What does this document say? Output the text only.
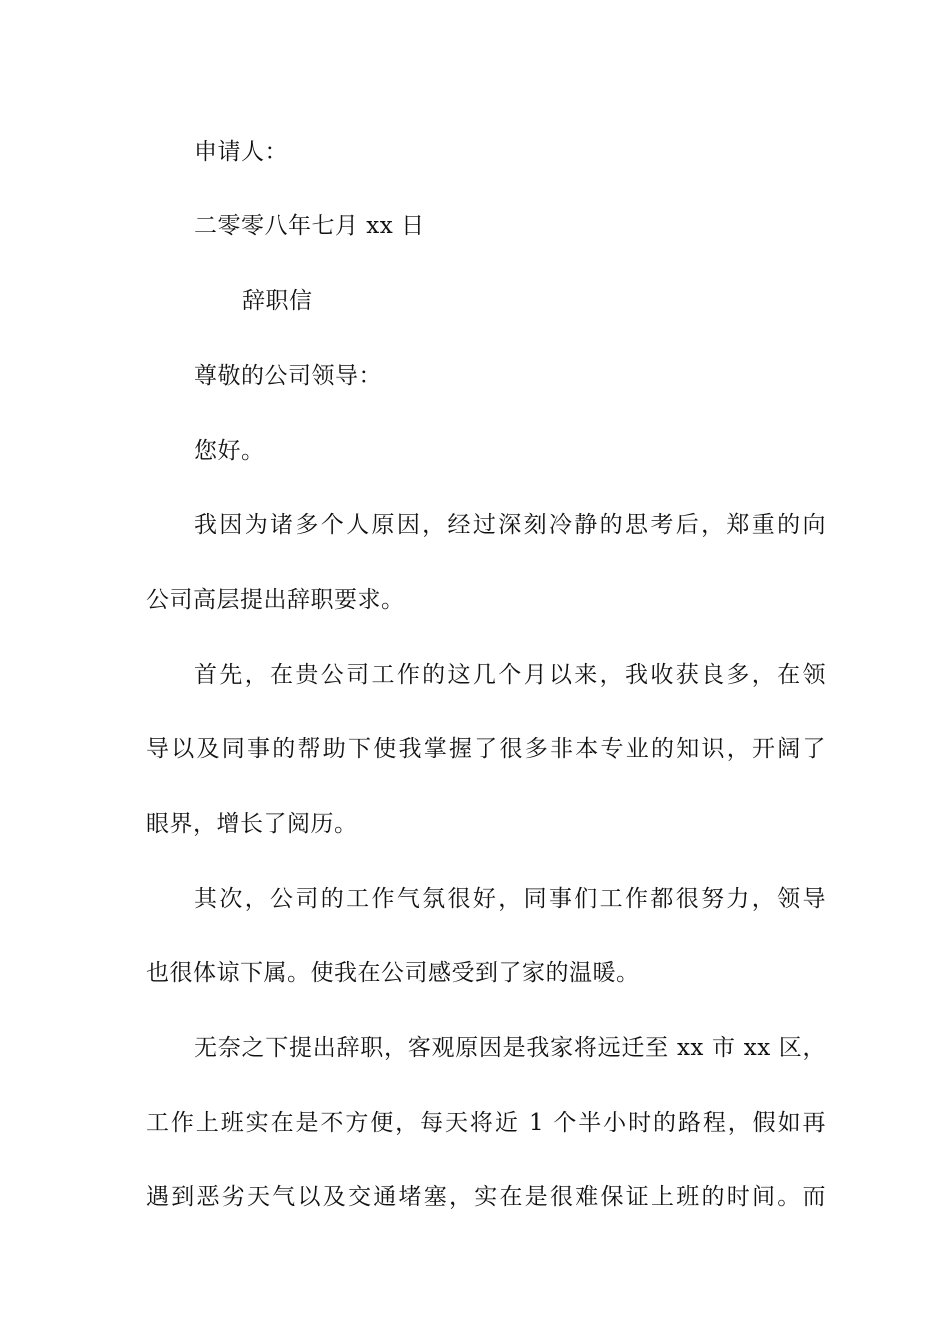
申请人：
二零零八年七月 xx 日
辞职信
尊敬的公司领导：
您好。
我因为诸多个人原因，经过深刻冷静的思考后，郑重的向
公司高层提出辞职要求。
首先，在贵公司工作的这几个月以来，我收获良多，在领
导以及同事的帮助下使我掌握了很多非本专业的知识，开阔了
眼界，增长了阅历。
其次，公司的工作气氛很好，同事们工作都很努力，领导
也很体谅下属。使我在公司感受到了家的温暖。
无奈之下提出辞职，客观原因是我家将远迁至 xx 市 xx 区，
工作上班实在是不方便，每天将近 1 个半小时的路程，假如再
遇到恶劣天气以及交通堵塞，实在是很难保证上班的时间。而
